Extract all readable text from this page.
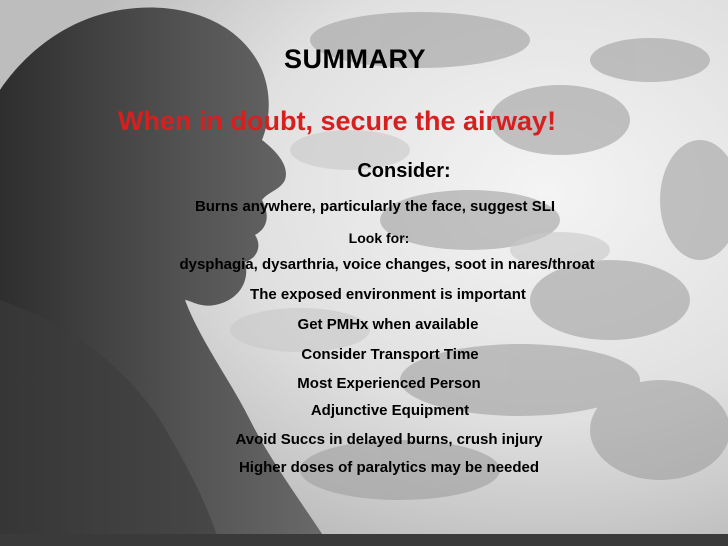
SUMMARY
When in doubt, secure the airway!
Consider:
Burns anywhere, particularly the face, suggest SLI
Look for:
dysphagia, dysarthria, voice changes, soot in nares/throat
The exposed environment is important
Get PMHx when available
Consider Transport Time
Most Experienced Person
Adjunctive Equipment
Avoid Succs in delayed burns, crush injury
Higher doses of paralytics may be needed
